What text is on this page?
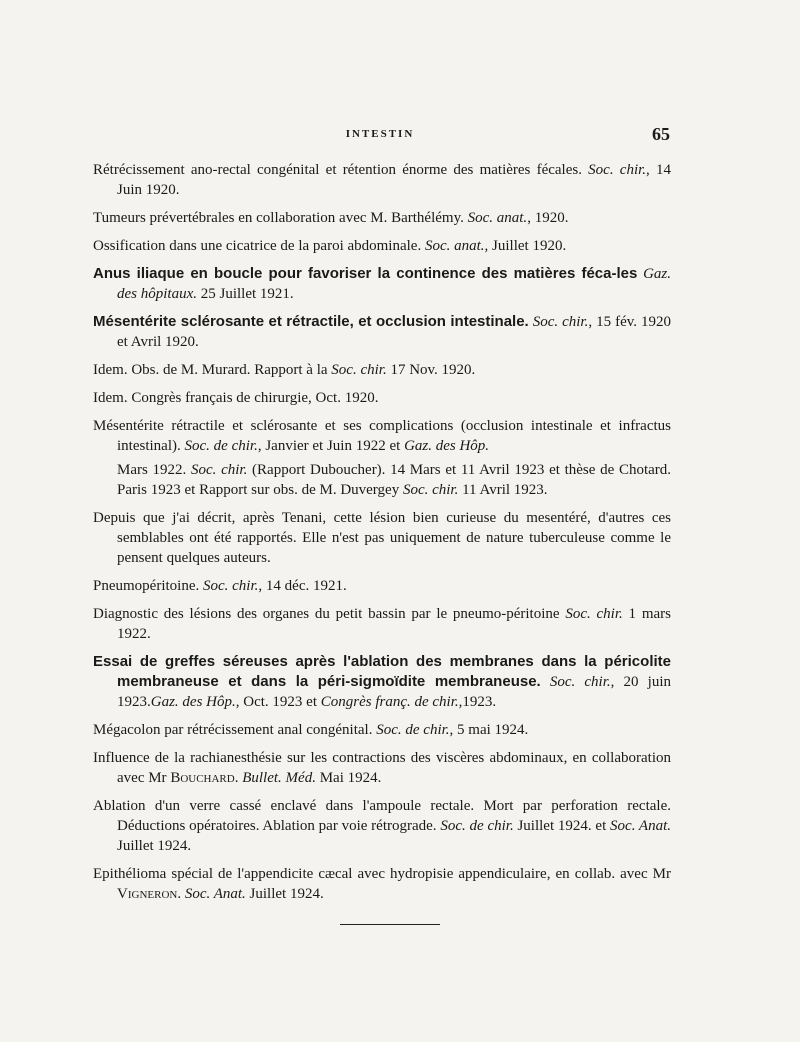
INTESTIN	65

Rétrécissement ano-rectal congénital et rétention énorme des matières fécales. Soc. chir., 14 Juin 1920.

Tumeurs prévertébrales en collaboration avec M. Barthélémy. Soc. anat., 1920.

Ossification dans une cicatrice de la paroi abdominale. Soc. anat., Juillet 1920.

Anus iliaque en boucle pour favoriser la continence des matières féca-les Gaz. des hôpitaux. 25 Juillet 1921.

Mésentérite sclérosante et rétractile, et occlusion intestinale. Soc. chir., 15 fév. 1920 et Avril 1920.

Idem. Obs. de M. Murard. Rapport à la Soc. chir. 17 Nov. 1920.

Idem. Congrès français de chirurgie, Oct. 1920.

Mésentérite rétractile et sclérosante et ses complications (occlusion intestinale et infractus intestinal). Soc. de chir., Janvier et Juin 1922 et Gaz. des Hôp.

Mars 1922. Soc. chir. (Rapport Duboucher). 14 Mars et 11 Avril 1923 et thèse de Chotard. Paris 1923 et Rapport sur obs. de M. Duvergey Soc. chir. 11 Avril 1923.

Depuis que j'ai décrit, après Tenani, cette lésion bien curieuse du mesentéré, d'autres ces semblables ont été rapportés. Elle n'est pas uniquement de nature tuberculeuse comme le pensent quelques auteurs.

Pneumopéritoine. Soc. chir., 14 déc. 1921.

Diagnostic des lésions des organes du petit bassin par le pneumo-péritoine Soc. chir. 1 mars 1922.

Essai de greffes séreuses après l'ablation des membranes dans la péricolite membraneuse et dans la péri-sigmoïdite membraneuse. Soc. chir., 20 juin 1923.Gaz. des Hôp., Oct. 1923 et Congrès franç. de chir.,1923.

Mégacolon par rétrécissement anal congénital. Soc. de chir., 5 mai 1924.

Influence de la rachianesthésie sur les contractions des viscères abdominaux, en collaboration avec Mr Bouchard. Bullet. Méd. Mai 1924.

Ablation d'un verre cassé enclavé dans l'ampoule rectale. Mort par perforation rectale. Déductions opératoires. Ablation par voie rétrograde. Soc. de chir. Juillet 1924. et Soc. Anat. Juillet 1924.

Epithélioma spécial de l'appendicite cæcal avec hydropisie appendiculaire, en collab. avec Mr Vigneron. Soc. Anat. Juillet 1924.
